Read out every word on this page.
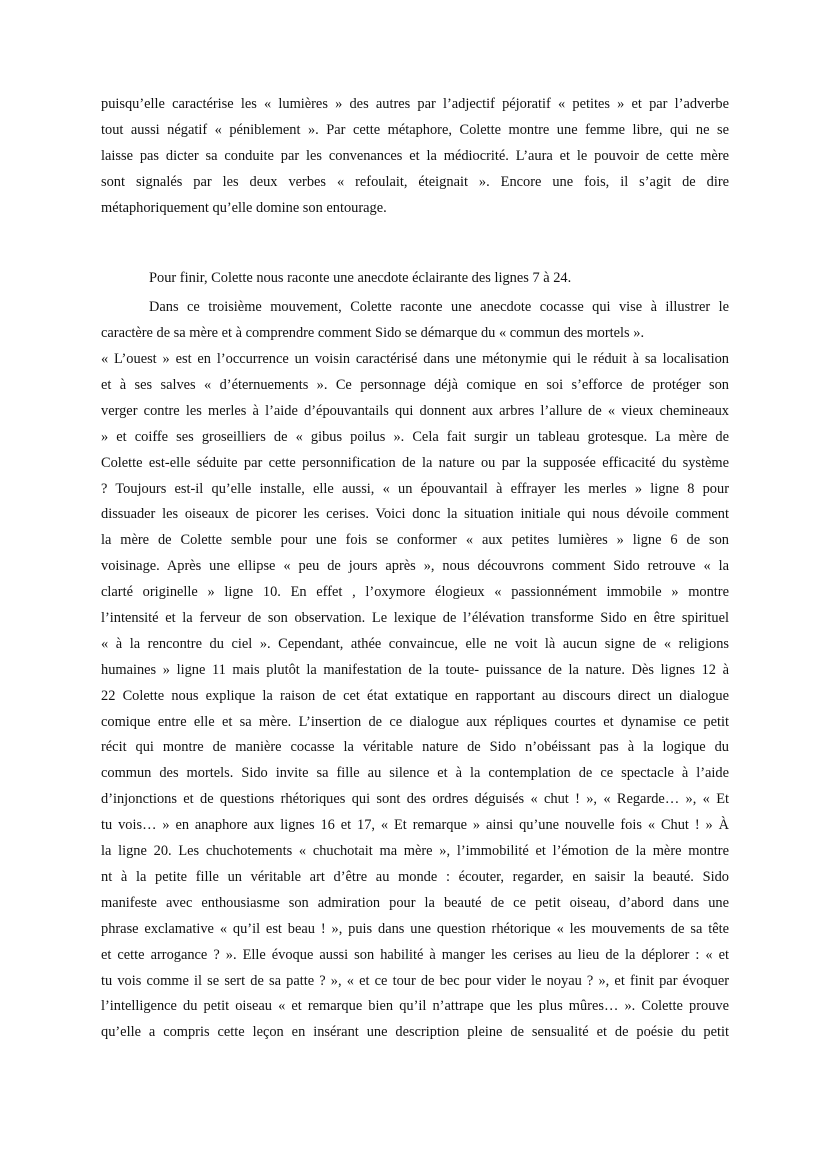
puisqu’elle caractérise les « lumières » des autres par l’adjectif péjoratif « petites » et par l’adverbe
tout aussi négatif « péniblement ». Par cette métaphore, Colette montre une femme libre, qui ne se
laisse pas dicter sa conduite par les convenances et la médiocrité. L’aura et le pouvoir de cette mère
sont signalés par les deux verbes « refoulait, éteignait ». Encore une fois, il s’agit de dire
métaphoriquement qu’elle domine son entourage.
Pour finir, Colette nous raconte une anecdote éclairante des lignes 7 à 24.
Dans ce troisième mouvement, Colette raconte une anecdote cocasse qui vise à illustrer le
caractère de sa mère et à comprendre comment Sido se démarque du « commun des mortels ».
« L’ouest » est en l’occurrence un voisin caractérisé dans une métonymie qui le réduit à sa localisation
et à ses salves « d’éternuements ». Ce personnage déjà comique en soi s’efforce de protéger son
verger contre les merles à l’aide d’épouvantails qui donnent aux arbres l’allure de « vieux chemineaux
» et coiffe ses groseilliers de « gibus poilus ». Cela fait surgir un tableau grotesque. La mère de
Colette est-elle séduite par cette personnification de la nature ou par la supposée efficacité du système
? Toujours est-il qu’elle installe, elle aussi, « un épouvantail à effrayer les merles » ligne 8 pour
dissuader les oiseaux de picorer les cerises. Voici donc la situation initiale qui nous dévoile comment
la mère de Colette semble pour une fois se conformer « aux petites lumières » ligne 6 de son
voisinage. Après une ellipse « peu de jours après », nous découvrons comment Sido retrouve « la
clarté originelle » ligne 10. En effet , l’oxymore élogieux « passionnément immobile » montre
l’intensité et la ferveur de son observation. Le lexique de l’élévation transforme Sido en être spirituel
« à la rencontre du ciel ». Cependant, athée convaincue, elle ne voit là aucun signe de « religions
humaines » ligne 11 mais plutôt la manifestation de la toute- puissance de la nature. Dès lignes 12 à
22 Colette nous explique la raison de cet état extatique en rapportant au discours direct un dialogue
comique entre elle et sa mère. L’insertion de ce dialogue aux répliques courtes et dynamise ce petit
récit qui montre de manière cocasse la véritable nature de Sido n’obéissant pas à la logique du
commun des mortels. Sido invite sa fille au silence et à la contemplation de ce spectacle à l’aide
d’injonctions et de questions rhétoriques qui sont des ordres déguisés « chut ! », « Regarde… », « Et
tu vois… » en anaphore aux lignes 16 et 17, « Et remarque » ainsi qu’une nouvelle fois « Chut ! » À
la ligne 20. Les chuchotements « chuchotait ma mère », l’immobilité et l’émotion de la mère montre
nt à la petite fille un véritable art d’être au monde : écouter, regarder, en saisir la beauté. Sido
manifeste avec enthousiasme son admiration pour la beauté de ce petit oiseau, d’abord dans une
phrase exclamative « qu’il est beau ! », puis dans une question rhétorique « les mouvements de sa tête
et cette arrogance ? ». Elle évoque aussi son habilité à manger les cerises au lieu de la déplorer : « et
tu vois comme il se sert de sa patte ? », « et ce tour de bec pour vider le noyau ? », et finit par évoquer
l’intelligence du petit oiseau « et remarque bien qu’il n’attrape que les plus mûres… ». Colette prouve
qu’elle a compris cette leçon en insérant une description pleine de sensualité et de poésie du petit
